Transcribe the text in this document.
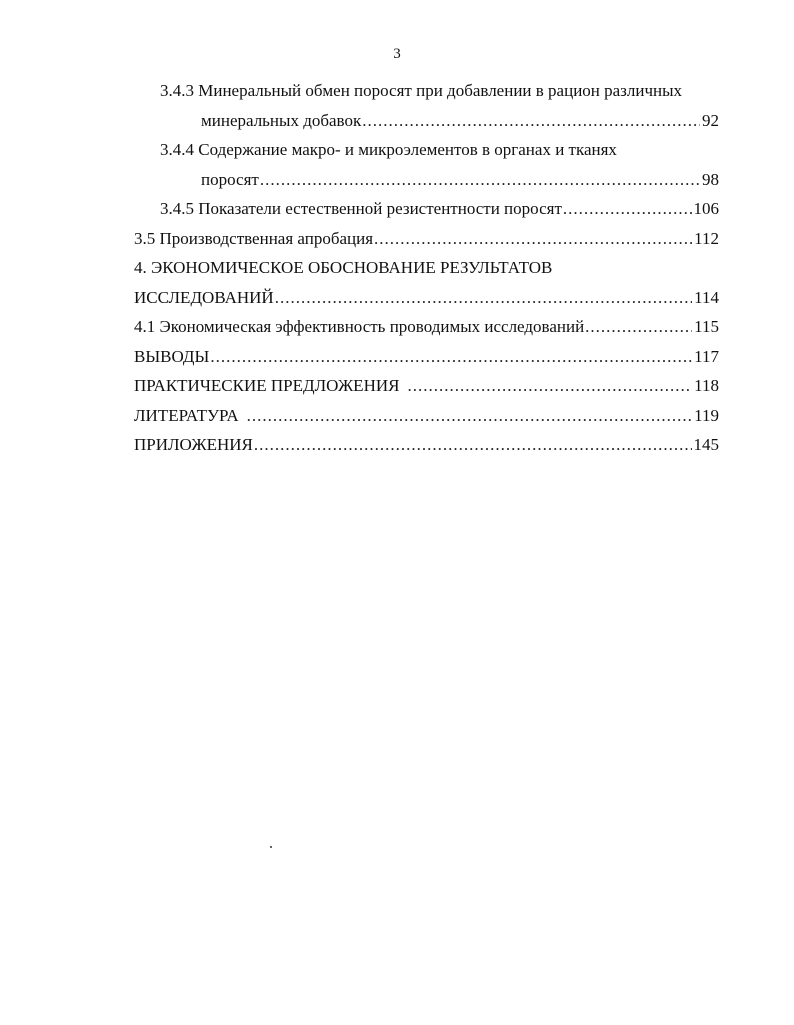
3
3.4.3 Минеральный обмен поросят при добавлении в рацион различных
минеральных добавок .....	92
3.4.4 Содержание макро- и микроэлементов в органах и тканях
поросят .....	98
3.4.5 Показатели естественной резистентности поросят .....	106
3.5 Производственная апробация .....	112
4. ЭКОНОМИЧЕСКОЕ ОБОСНОВАНИЕ РЕЗУЛЬТАТОВ
ИССЛЕДОВАНИЙ .....	114
4.1 Экономическая эффективность проводимых исследований .....	115
ВЫВОДЫ .....	117
ПРАКТИЧЕСКИЕ ПРЕДЛОЖЕНИЯ .....	118
ЛИТЕРАТУРА .....	119
ПРИЛОЖЕНИЯ .....	145
